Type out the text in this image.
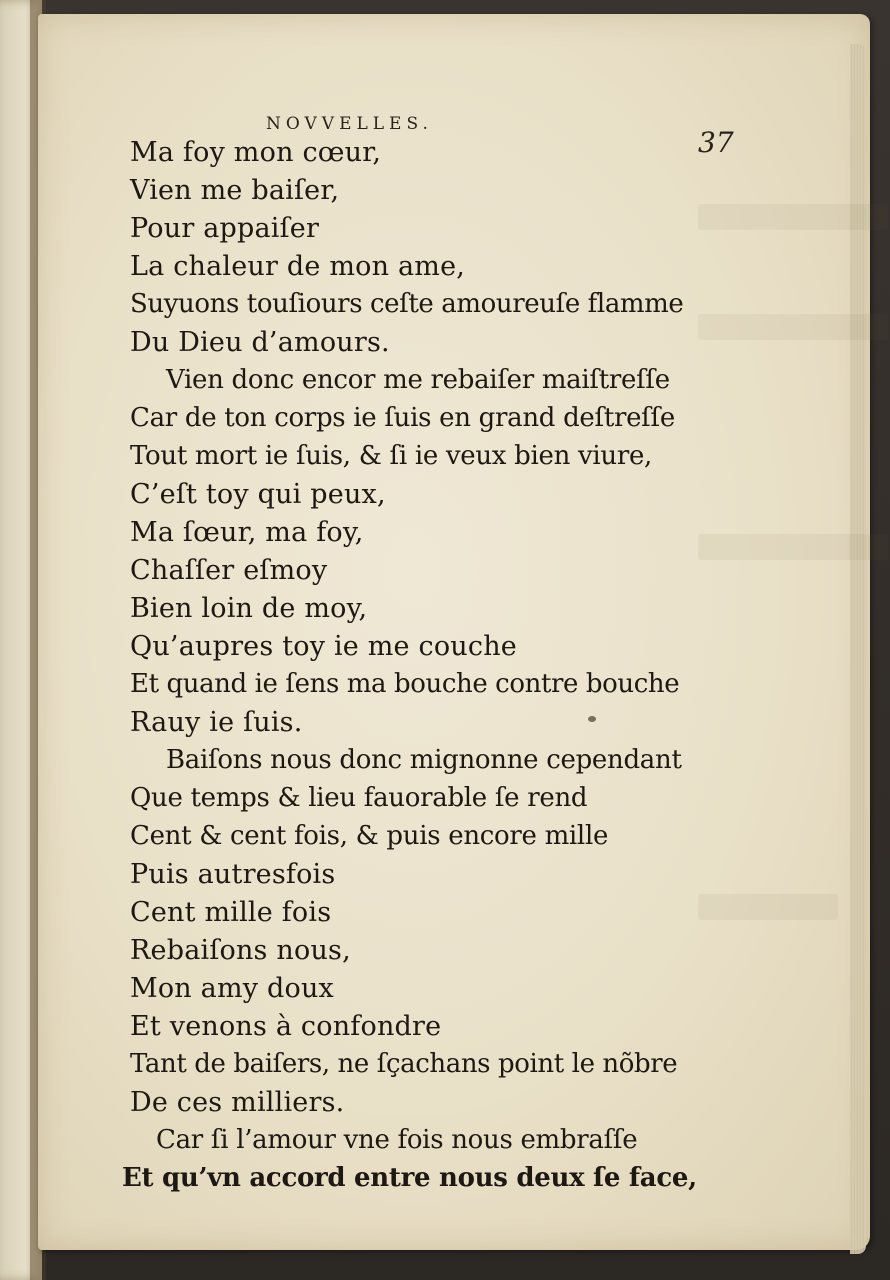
NOVVELLES.
37
Ma foy mon cœur,
Vien me baiſer,
Pour appaiſer
La chaleur de mon ame,
Suyuons touſiours ceſte amoureuſe flamme
Du Dieu d’amours.
Vien donc encor me rebaiſer maiſtreſſe
Car de ton corps ie ſuis en grand deſtreſſe
Tout mort ie ſuis, & ſi ie veux bien viure,
C’eſt toy qui peux,
Ma ſœur, ma foy,
Chaſſer eſmoy
Bien loin de moy,
Qu’aupres toy ie me couche
Et quand ie ſens ma bouche contre bouche
Rauy ie ſuis.
Baiſons nous donc mignonne cependant
Que temps & lieu fauorable ſe rend
Cent & cent fois, & puis encore mille
Puis autresfois
Cent mille fois
Rebaiſons nous,
Mon amy doux
Et venons à confondre
Tant de baiſers, ne ſçachans point le nõbre
De ces milliers.
Car ſi l’amour vne fois nous embraſſe
Et qu’vn accord entre nous deux ſe face,
